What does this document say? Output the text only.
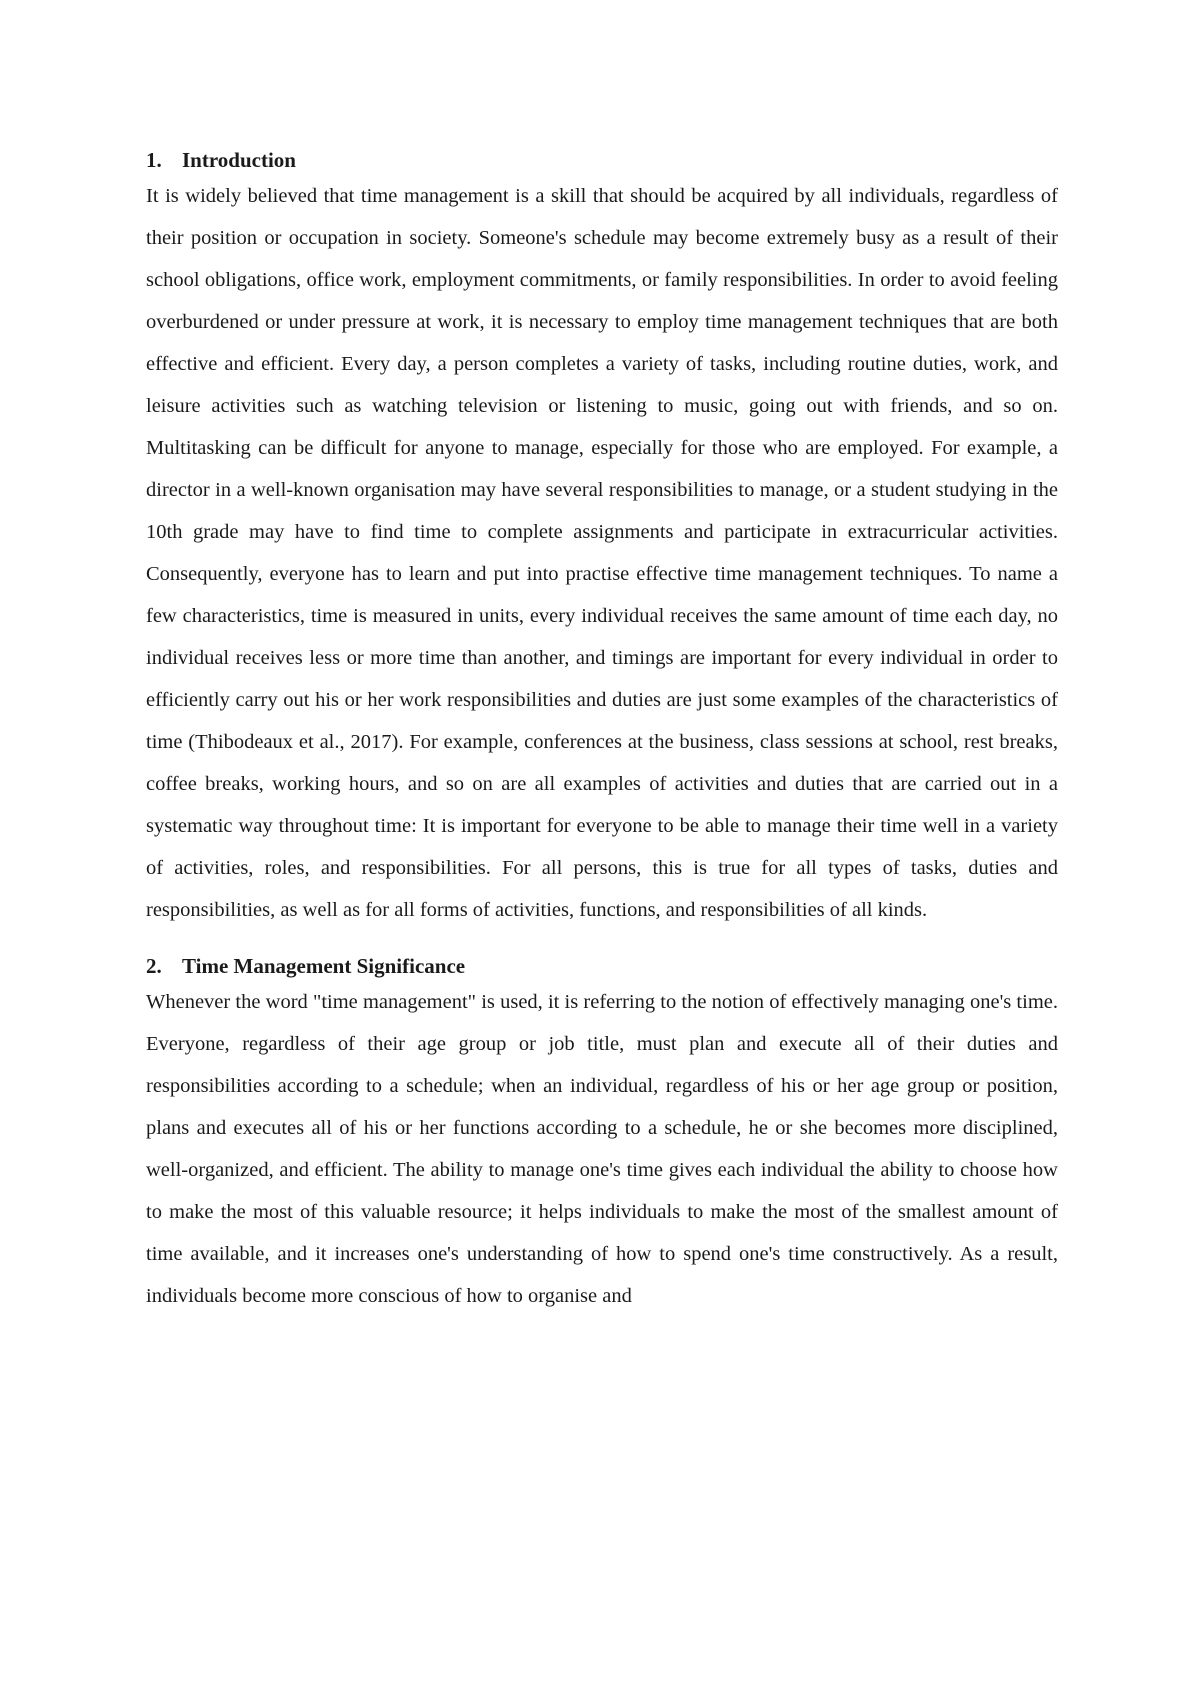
1. Introduction

It is widely believed that time management is a skill that should be acquired by all individuals, regardless of their position or occupation in society. Someone's schedule may become extremely busy as a result of their school obligations, office work, employment commitments, or family responsibilities. In order to avoid feeling overburdened or under pressure at work, it is necessary to employ time management techniques that are both effective and efficient. Every day, a person completes a variety of tasks, including routine duties, work, and leisure activities such as watching television or listening to music, going out with friends, and so on. Multitasking can be difficult for anyone to manage, especially for those who are employed. For example, a director in a well-known organisation may have several responsibilities to manage, or a student studying in the 10th grade may have to find time to complete assignments and participate in extracurricular activities. Consequently, everyone has to learn and put into practise effective time management techniques. To name a few characteristics, time is measured in units, every individual receives the same amount of time each day, no individual receives less or more time than another, and timings are important for every individual in order to efficiently carry out his or her work responsibilities and duties are just some examples of the characteristics of time (Thibodeaux et al., 2017). For example, conferences at the business, class sessions at school, rest breaks, coffee breaks, working hours, and so on are all examples of activities and duties that are carried out in a systematic way throughout time: It is important for everyone to be able to manage their time well in a variety of activities, roles, and responsibilities. For all persons, this is true for all types of tasks, duties and responsibilities, as well as for all forms of activities, functions, and responsibilities of all kinds.

2. Time Management Significance

Whenever the word "time management" is used, it is referring to the notion of effectively managing one's time. Everyone, regardless of their age group or job title, must plan and execute all of their duties and responsibilities according to a schedule; when an individual, regardless of his or her age group or position, plans and executes all of his or her functions according to a schedule, he or she becomes more disciplined, well-organized, and efficient. The ability to manage one's time gives each individual the ability to choose how to make the most of this valuable resource; it helps individuals to make the most of the smallest amount of time available, and it increases one's understanding of how to spend one's time constructively. As a result, individuals become more conscious of how to organise and
